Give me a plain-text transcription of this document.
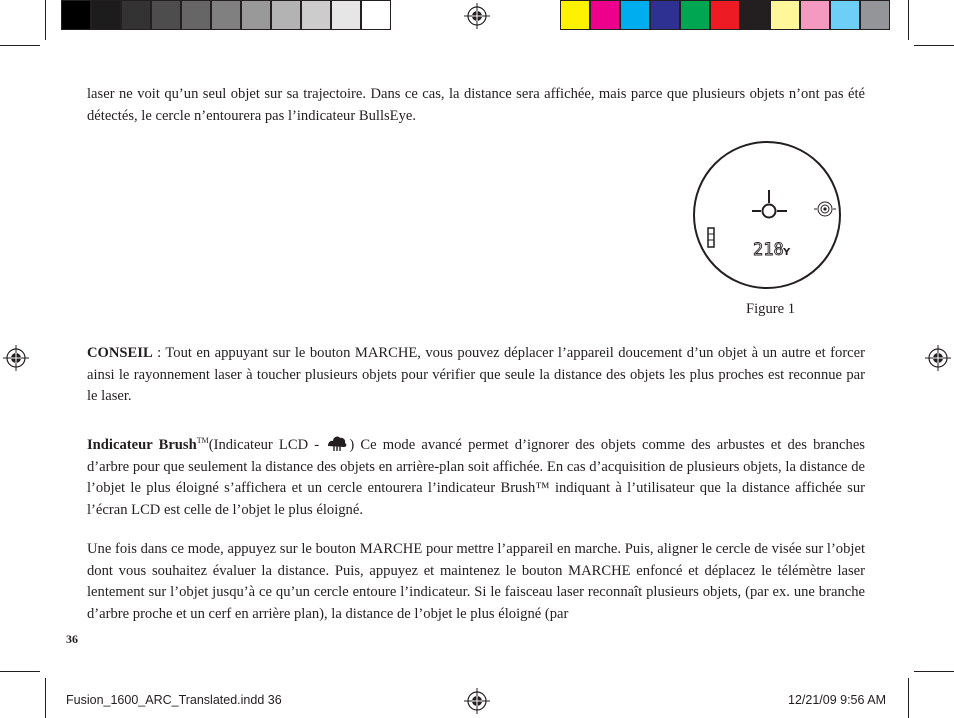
laser ne voit qu’un seul objet sur sa trajectoire. Dans ce cas, la distance sera affichée, mais parce que plusieurs objets n’ont pas été détectés, le cercle n’entourera pas l’indicateur BullsEye.

218 Y
Figure 1

CONSEIL : Tout en appuyant sur le bouton MARCHE, vous pouvez déplacer l’appareil doucement d’un objet à un autre et forcer ainsi le rayonnement laser à toucher plusieurs objets pour vérifier que seule la distance des objets les plus proches est reconnue par le laser.

Indicateur Brush™(Indicateur LCD - ) Ce mode avancé permet d’ignorer des objets comme des arbustes et des branches d’arbre pour que seulement la distance des objets en arrière-plan soit affichée. En cas d’acquisition de plusieurs objets, la distance de l’objet le plus éloigné s’affichera et un cercle entourera l’indicateur Brush™ indiquant à l’utilisateur que la distance affichée sur l’écran LCD est celle de l’objet le plus éloigné.

Une fois dans ce mode, appuyez sur le bouton MARCHE pour mettre l’appareil en marche. Puis, aligner le cercle de visée sur l’objet dont vous souhaitez évaluer la distance. Puis, appuyez et maintenez le bouton MARCHE enfoncé et déplacez le télémètre laser lentement sur l’objet jusqu’à ce qu’un cercle entoure l’indicateur. Si le faisceau laser reconnaît plusieurs objets, (par ex. une branche d’arbre proche et un cerf en arrière plan), la distance de l’objet le plus éloigné (par

36
Fusion_1600_ARC_Translated.indd 36	12/21/09 9:56 AM
